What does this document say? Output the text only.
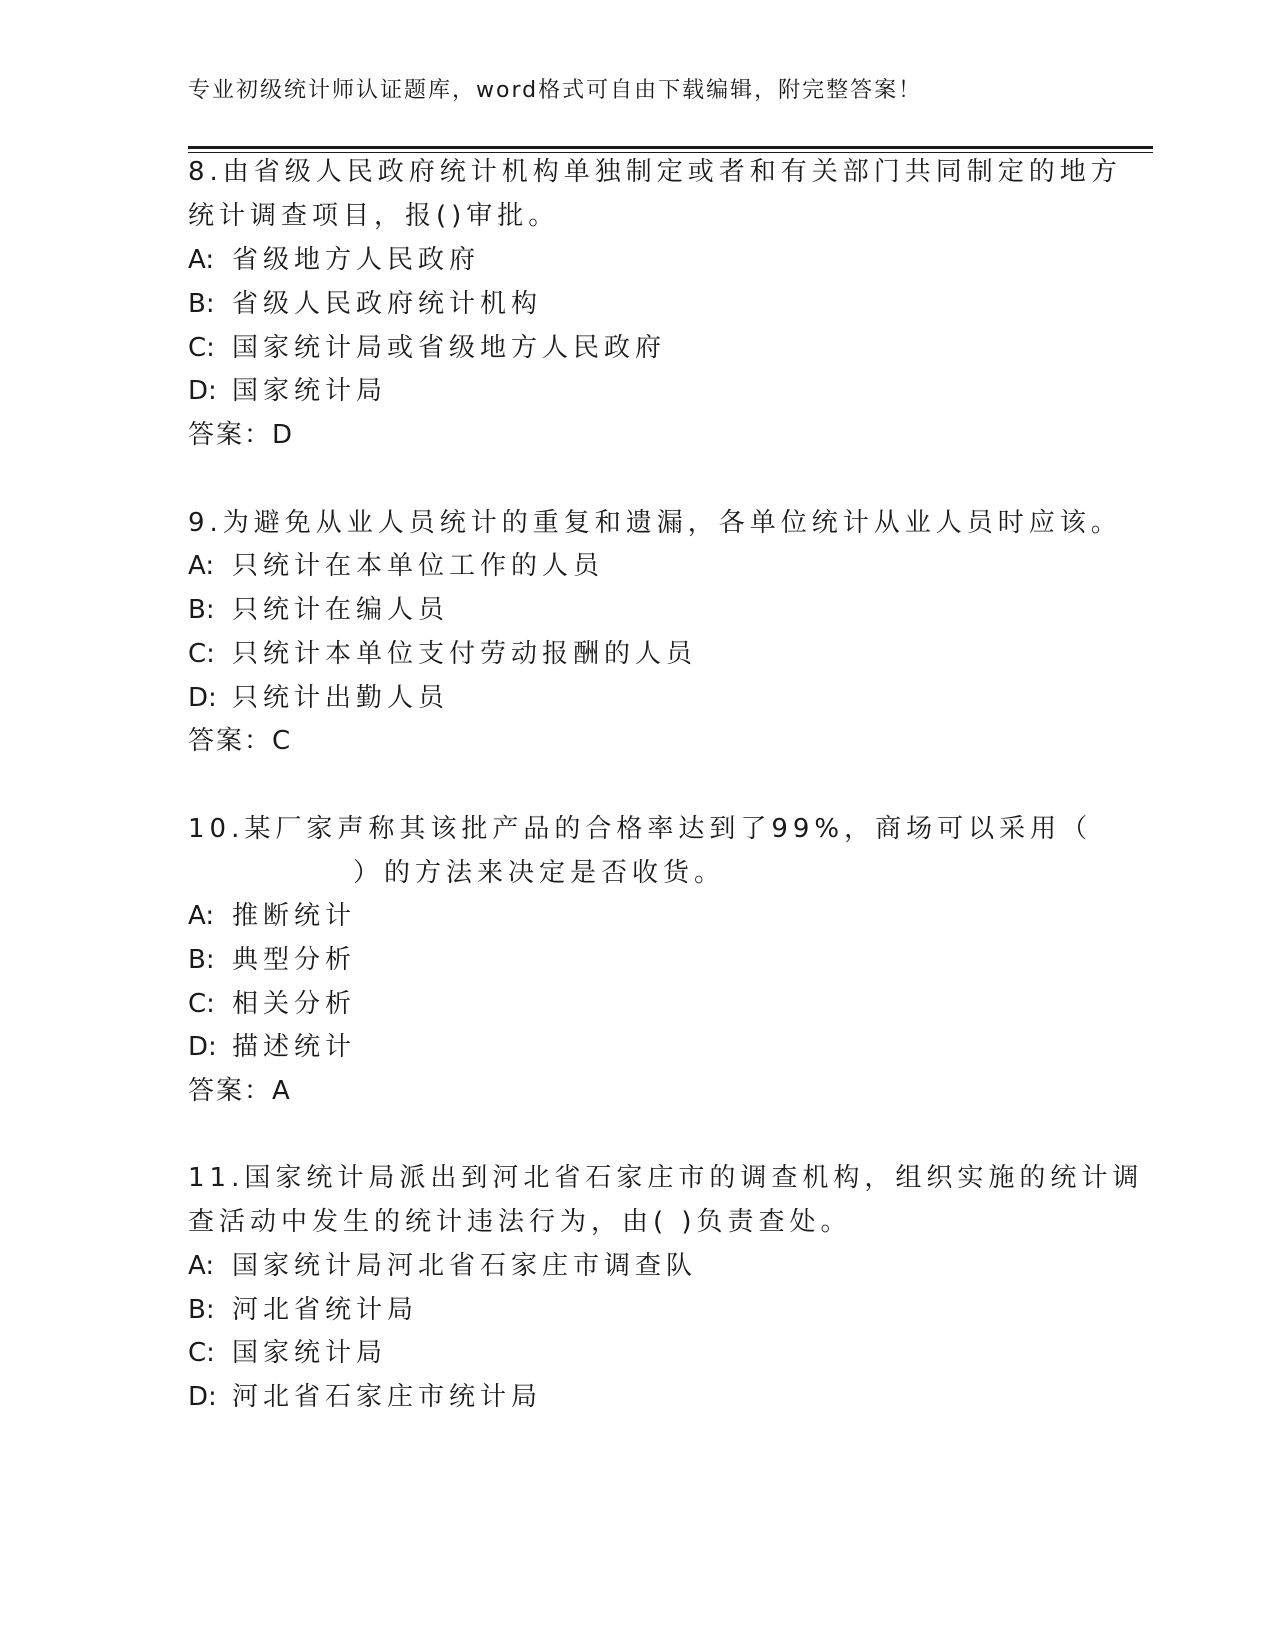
专业初级统计师认证题库，word格式可自由下载编辑，附完整答案！
8.由省级人民政府统计机构单独制定或者和有关部门共同制定的地方
统计调查项目，报()审批。
A: 省级地方人民政府
B: 省级人民政府统计机构
C: 国家统计局或省级地方人民政府
D: 国家统计局
答案：D
9.为避免从业人员统计的重复和遗漏，各单位统计从业人员时应该。
A: 只统计在本单位工作的人员
B: 只统计在编人员
C: 只统计本单位支付劳动报酬的人员
D: 只统计出勤人员
答案：C
10.某厂家声称其该批产品的合格率达到了99%，商场可以采用（
）的方法来决定是否收货。
A: 推断统计
B: 典型分析
C: 相关分析
D: 描述统计
答案：A
11.国家统计局派出到河北省石家庄市的调查机构，组织实施的统计调
查活动中发生的统计违法行为，由( )负责查处。
A: 国家统计局河北省石家庄市调查队
B: 河北省统计局
C: 国家统计局
D: 河北省石家庄市统计局
